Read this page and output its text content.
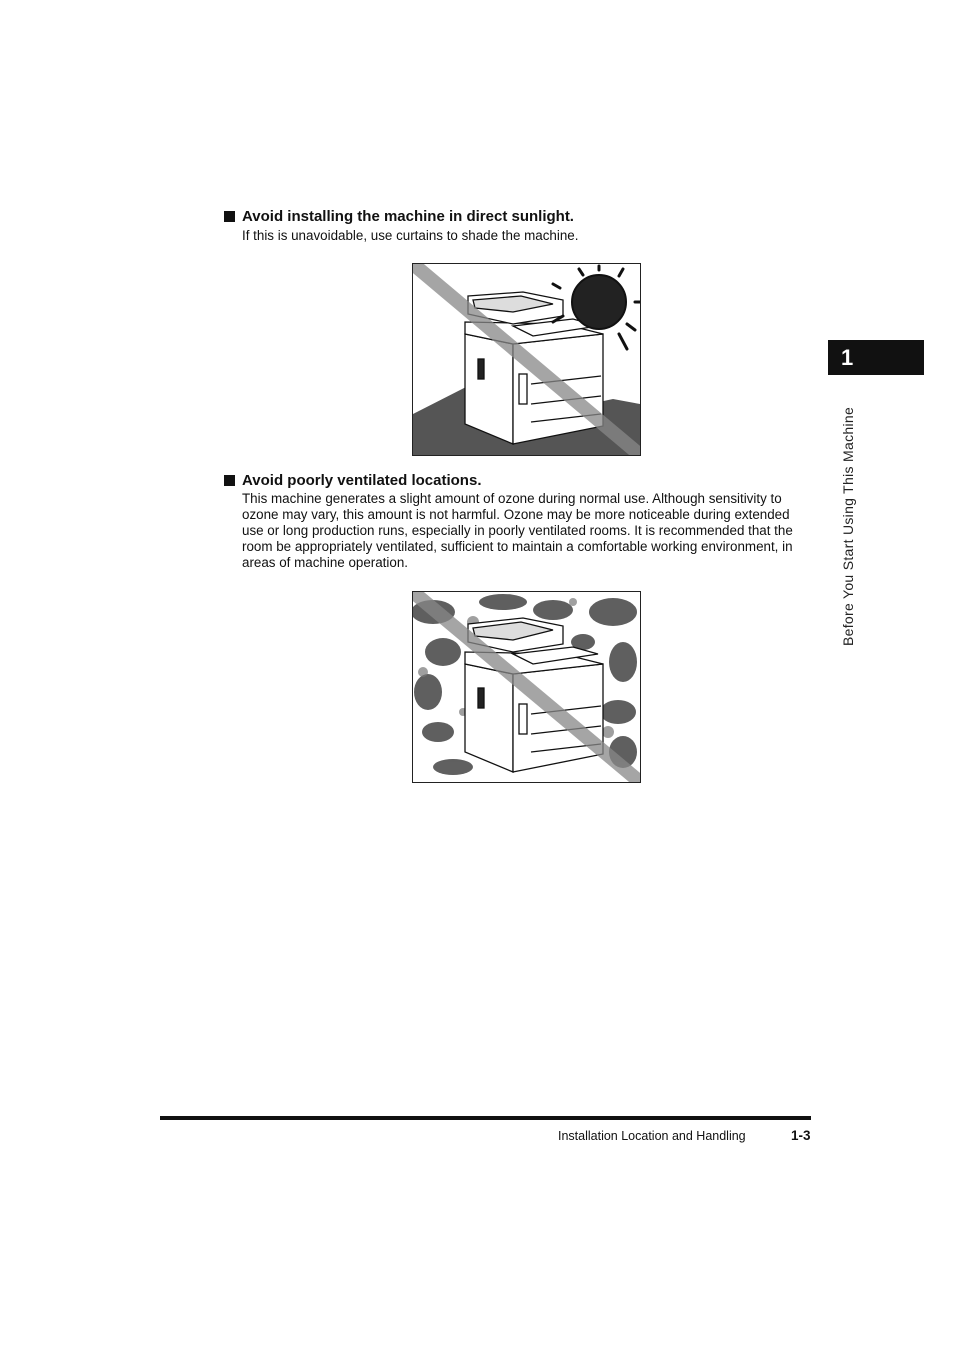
Avoid installing the machine in direct sunlight.
If this is unavoidable, use curtains to shade the machine.
Avoid poorly ventilated locations.
This machine generates a slight amount of ozone during normal use. Although sensitivity to ozone may vary, this amount is not harmful. Ozone may be more noticeable during extended use or long production runs, especially in poorly ventilated rooms. It is recommended that the room be appropriately ventilated, sufficient to maintain a comfortable working environment, in areas of machine operation.
1
Before You Start Using This Machine
Installation Location and Handling	1-3
